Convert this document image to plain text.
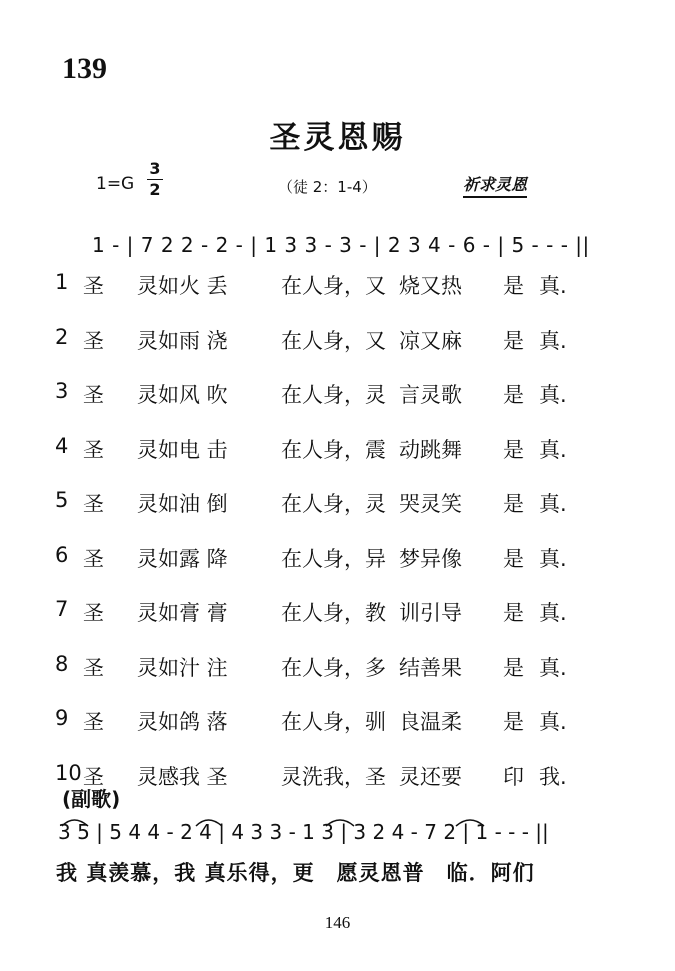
139
圣灵恩赐
1=G
3
2	（徒 2：1-4）	祈求灵恩
1 - | 7 2 2 - 2 - | 1 3 3 - 3 - | 2 3 4 - 6 - | 5 - - - ||
1 圣 灵如火 丢	在人身，又 烧又热 是 真.
2 圣 灵如雨 浇	在人身，又 凉又麻 是 真.
3 圣 灵如风 吹	在人身，灵 言灵歌 是 真.
4 圣 灵如电 击	在人身，震 动跳舞 是 真.
5 圣 灵如油 倒	在人身，灵 哭灵笑 是 真.
6 圣 灵如露 降	在人身，异 梦异像 是 真.
7 圣 灵如膏 膏	在人身，教 训引导 是 真.
8 圣 灵如汁 注	在人身，多 结善果 是 真.
9 圣 灵如鸽 落	在人身，驯 良温柔 是 真.
10 圣 灵感我 圣	灵洗我，圣 灵还要 印 我.
(副歌)
3 5 | 5 4 4 - 2 4 | 4 3 3 - 1 3 | 3 2 4 - 7 2 | 1 - - - ||
我 真羡慕，我 真乐得，更　愿灵恩普　临．阿们
146
